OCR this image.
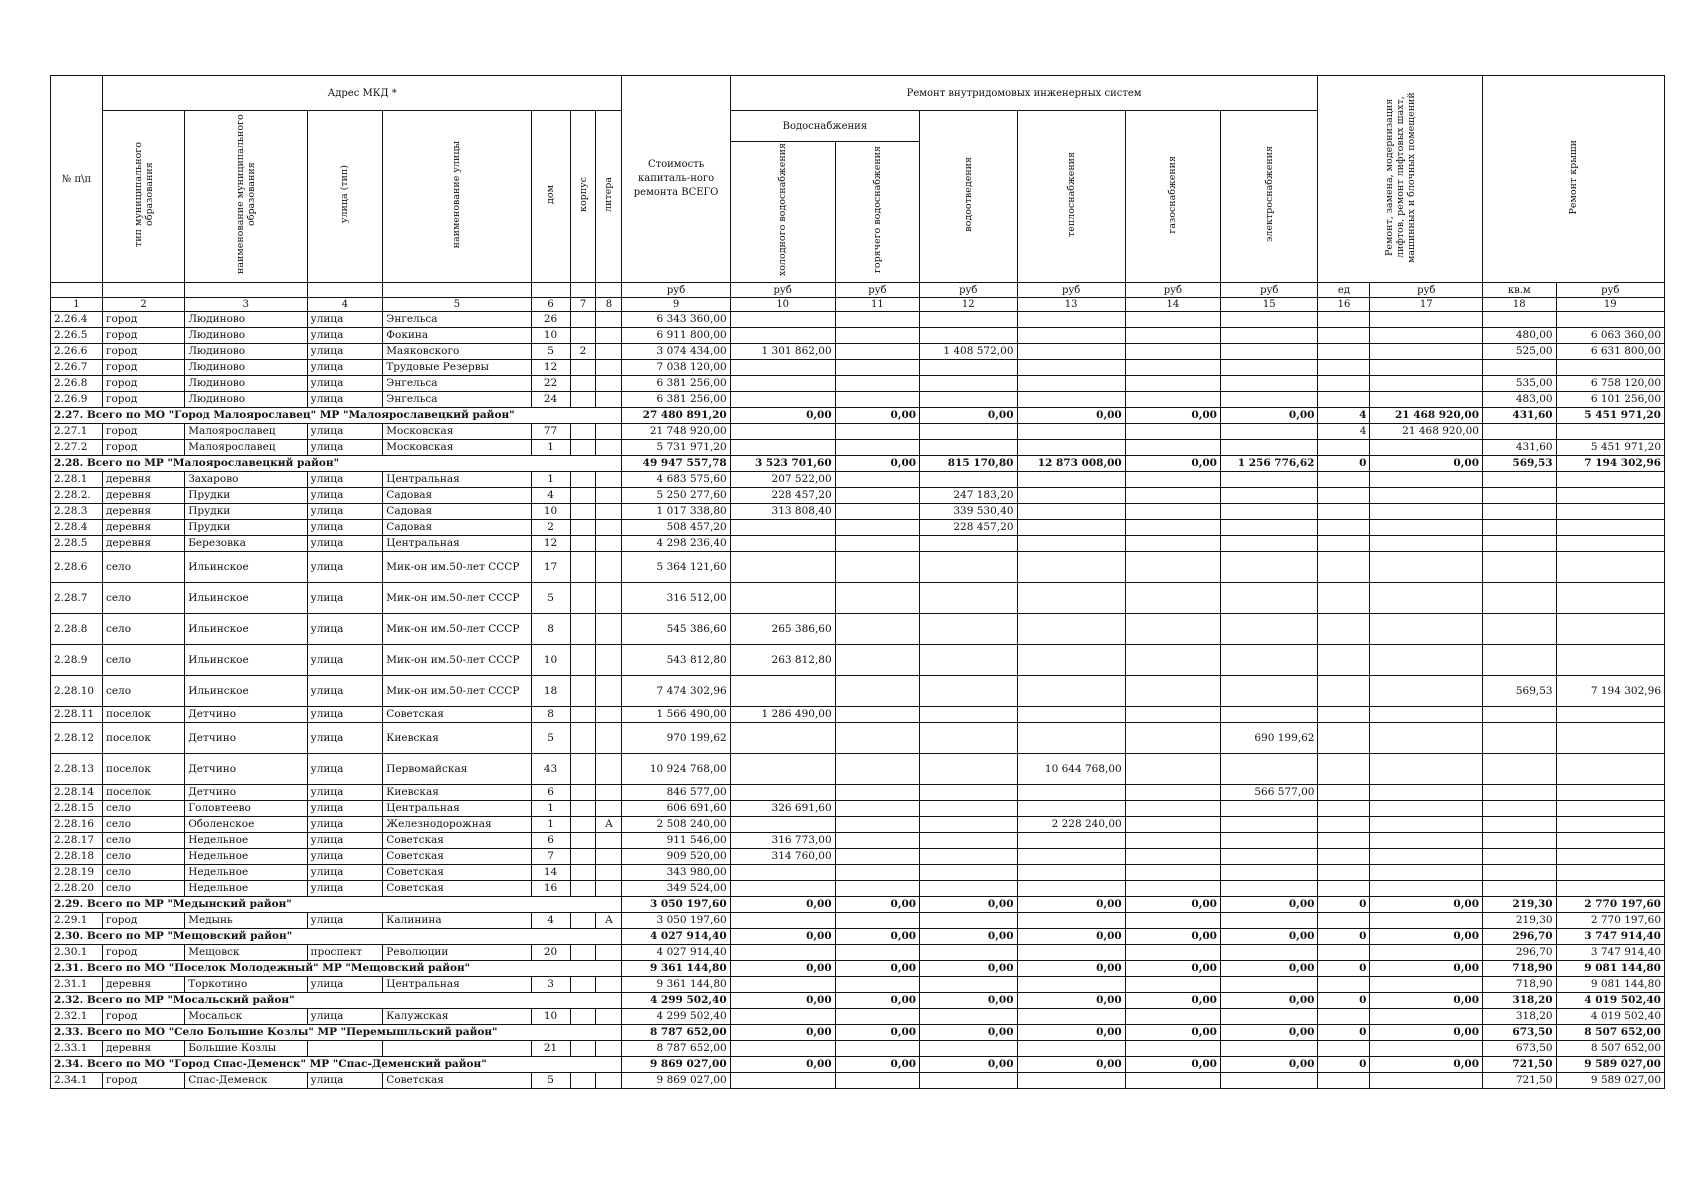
№ п\п	Адрес МКД *							Стоимость капиталь-ного ремонта ВСЕГО	Ремонт внутридомовых инженерных систем						Ремонт, замена, модернизация лифтов, ремонт лифтовых шахт, машинных и блочных помещений		Ремонт крыши	
	тип муниципального образования	наименование муниципального образования	улица (тип)	наименование улицы	дом	корпус	литера		Водоснабжения		водоотведения	теплоснабжения	газоснабжения	электроснабжения				
									холодного водоснабжения	горячего водоснабжения								
								руб	руб	руб	руб	руб	руб	руб	ед	руб	кв.м	руб
1	2	3	4	5	6	7	8	9	10	11	12	13	14	15	16	17	18	19
2.26.4	город	Людиново	улица	Энгельса	26			6 343 360,00										
2.26.5	город	Людиново	улица	Фокина	10			6 911 800,00									480,00	6 063 360,00
2.26.6	город	Людиново	улица	Маяковского	5	2		3 074 434,00	1 301 862,00		1 408 572,00						525,00	6 631 800,00
2.26.7	город	Людиново	улица	Трудовые Резервы	12			7 038 120,00										
2.26.8	город	Людиново	улица	Энгельса	22			6 381 256,00									535,00	6 758 120,00
2.26.9	город	Людиново	улица	Энгельса	24			6 381 256,00									483,00	6 101 256,00
2.27. Всего по МО "Город Малоярославец" МР "Малоярославецкий район"								27 480 891,20	0,00	0,00	0,00	0,00	0,00	0,00	4	21 468 920,00	431,60	5 451 971,20
2.27.1	город	Малоярославец	улица	Московская	77			21 748 920,00							4	21 468 920,00		
2.27.2	город	Малоярославец	улица	Московская	1			5 731 971,20									431,60	5 451 971,20
2.28. Всего по МР "Малоярославецкий район"								49 947 557,78	3 523 701,60	0,00	815 170,80	12 873 008,00	0,00	1 256 776,62	0	0,00	569,53	7 194 302,96
2.28.1	деревня	Захарово	улица	Центральная	1			4 683 575,60	207 522,00									
2.28.2.	деревня	Прудки	улица	Садовая	4			5 250 277,60	228 457,20		247 183,20							
2.28.3	деревня	Прудки	улица	Садовая	10			1 017 338,80	313 808,40		339 530,40							
2.28.4	деревня	Прудки	улица	Садовая	2			508 457,20			228 457,20							
2.28.5	деревня	Березовка	улица	Центральная	12			4 298 236,40										
2.28.6	село	Ильинское	улица	Мик-он им.50-лет СССР	17			5 364 121,60										
2.28.7	село	Ильинское	улица	Мик-он им.50-лет СССР	5			316 512,00										
2.28.8	село	Ильинское	улица	Мик-он им.50-лет СССР	8			545 386,60	265 386,60									
2.28.9	село	Ильинское	улица	Мик-он им.50-лет СССР	10			543 812,80	263 812,80									
2.28.10	село	Ильинское	улица	Мик-он им.50-лет СССР	18			7 474 302,96									569,53	7 194 302,96
2.28.11	поселок	Детчино	улица	Советская	8			1 566 490,00	1 286 490,00									
2.28.12	поселок	Детчино	улица	Киевская	5			970 199,62						690 199,62				
2.28.13	поселок	Детчино	улица	Первомайская	43			10 924 768,00				10 644 768,00						
2.28.14	поселок	Детчино	улица	Киевская	6			846 577,00						566 577,00				
2.28.15	село	Головтеево	улица	Центральная	1			606 691,60	326 691,60									
2.28.16	село	Оболенское	улица	Железнодорожная	1		А	2 508 240,00				2 228 240,00						
2.28.17	село	Недельное	улица	Советская	6			911 546,00	316 773,00									
2.28.18	село	Недельное	улица	Советская	7			909 520,00	314 760,00									
2.28.19	село	Недельное	улица	Советская	14			343 980,00										
2.28.20	село	Недельное	улица	Советская	16			349 524,00										
2.29. Всего по МР "Медынский район"								3 050 197,60	0,00	0,00	0,00	0,00	0,00	0,00	0	0,00	219,30	2 770 197,60
2.29.1	город	Медынь	улица	Калинина	4		А	3 050 197,60									219,30	2 770 197,60
2.30. Всего по МР "Мещовский район"								4 027 914,40	0,00	0,00	0,00	0,00	0,00	0,00	0	0,00	296,70	3 747 914,40
2.30.1	город	Мещовск	проспект	Революции	20			4 027 914,40									296,70	3 747 914,40
2.31. Всего по МО "Поселок Молодежный" МР "Мещовский район"								9 361 144,80	0,00	0,00	0,00	0,00	0,00	0,00	0	0,00	718,90	9 081 144,80
2.31.1	деревня	Торкотино	улица	Центральная	3			9 361 144,80									718,90	9 081 144,80
2.32. Всего по МР "Мосальский район"								4 299 502,40	0,00	0,00	0,00	0,00	0,00	0,00	0	0,00	318,20	4 019 502,40
2.32.1	город	Мосальск	улица	Калужская	10			4 299 502,40									318,20	4 019 502,40
2.33. Всего по МО "Село Большие Козлы" МР "Перемышльский район"								8 787 652,00	0,00	0,00	0,00	0,00	0,00	0,00	0	0,00	673,50	8 507 652,00
2.33.1	деревня	Большие Козлы			21			8 787 652,00									673,50	8 507 652,00
2.34. Всего по МО "Город Спас-Деменск" МР "Спас-Деменский район"								9 869 027,00	0,00	0,00	0,00	0,00	0,00	0,00	0	0,00	721,50	9 589 027,00
2.34.1	город	Спас-Деменск	улица	Советская	5			9 869 027,00									721,50	9 589 027,00
